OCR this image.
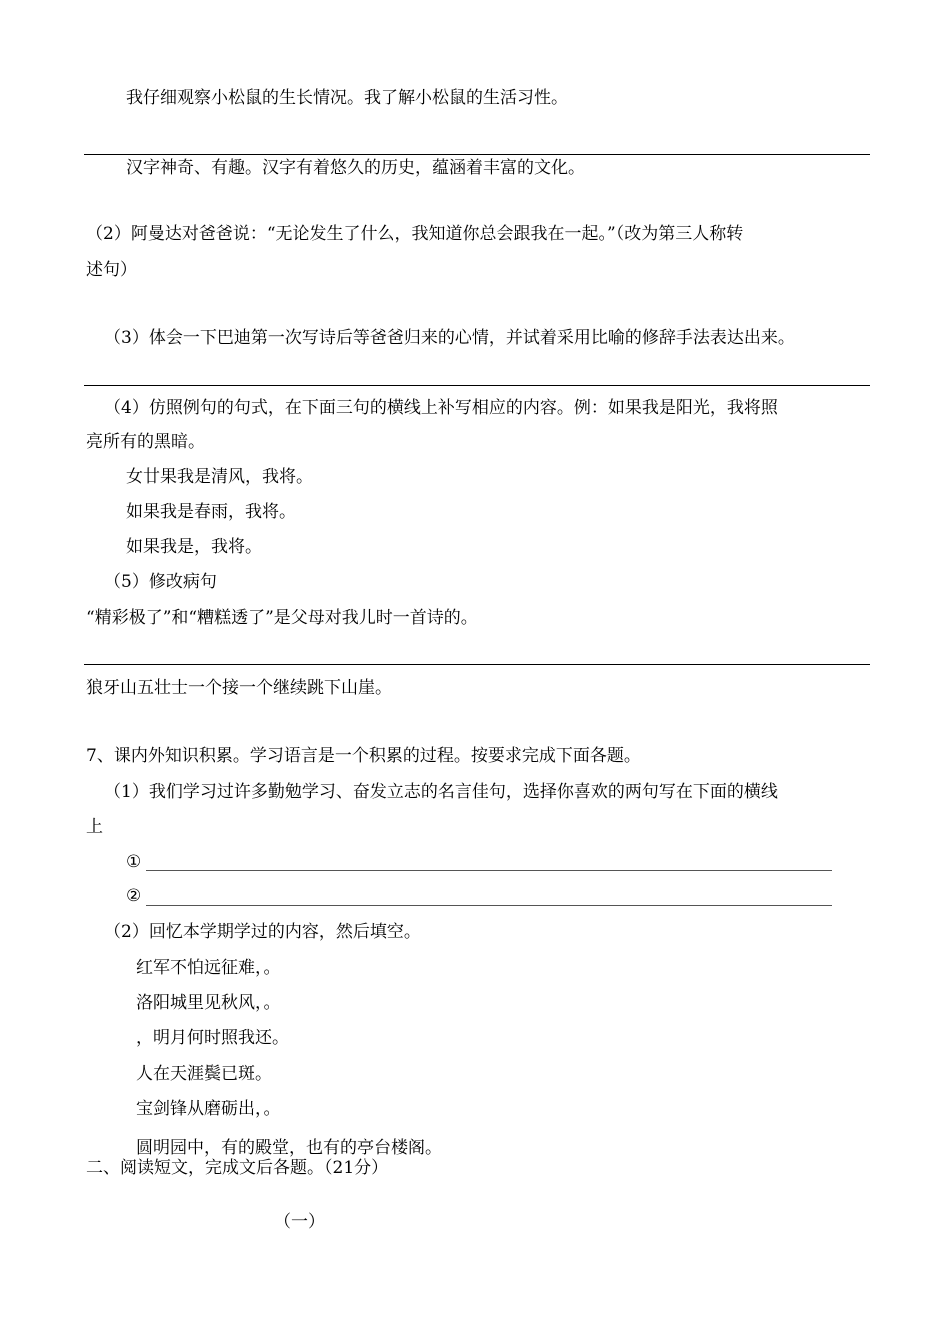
我仔细观察小松鼠的生长情况。我了解小松鼠的生活习性。
汉字神奇、有趣。汉字有着悠久的历史，蕴涵着丰富的文化。
（2）阿曼达对爸爸说：“无论发生了什么，我知道你总会跟我在一起。”（改为第三人称转
述句）
（3）体会一下巴迪第一次写诗后等爸爸归来的心情，并试着采用比喻的修辞手法表达出来。
（4）仿照例句的句式，在下面三句的横线上补写相应的内容。例：如果我是阳光，我将照
亮所有的黑暗。
女廿果我是清风，我将。
如果我是春雨，我将。
如果我是，我将。
（5）修改病句
“精彩极了”和“糟糕透了”是父母对我儿时一首诗的。
狼牙山五壮士一个接一个继续跳下山崖。
7、课内外知识积累。学习语言是一个积累的过程。按要求完成下面各题。
（1）我们学习过许多勤勉学习、奋发立志的名言佳句，选择你喜欢的两句写在下面的横线
上
①
②
（2）回忆本学期学过的内容，然后填空。
红军不怕远征难，。
洛阳城里见秋风，。
，明月何时照我还。
人在天涯鬓已斑。
宝剑锋从磨砺出，。
圆明园中，有的殿堂，也有的亭台楼阁。
二、阅读短文，完成文后各题。（21分）
（一）
